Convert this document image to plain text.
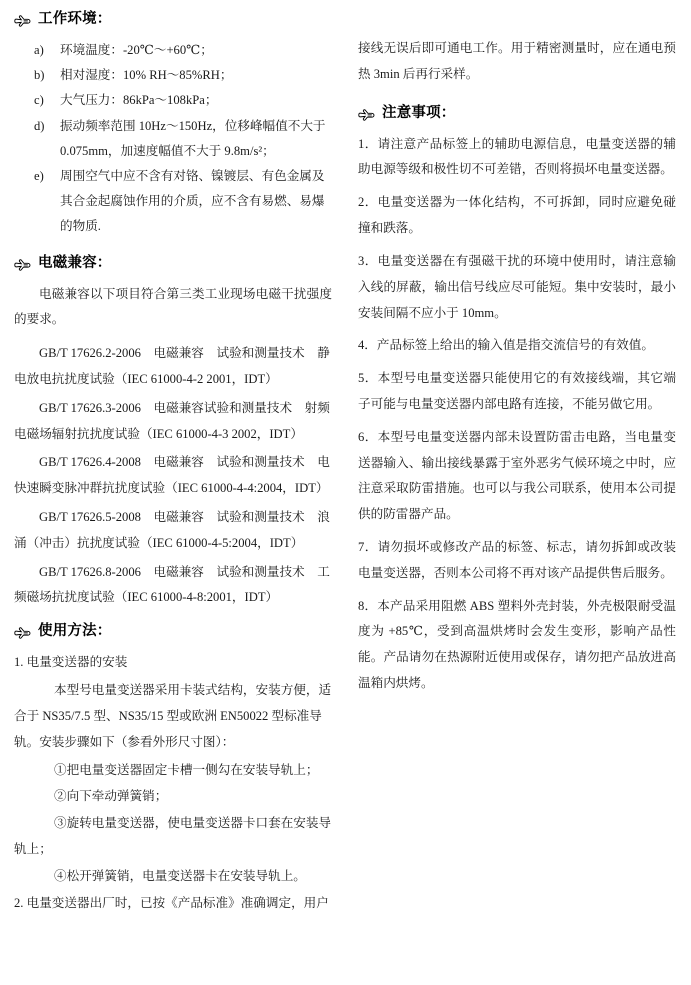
工作环境：
a)	环境温度：-20℃～+60℃；
b)	相对湿度：10% RH～85%RH；
c)	大气压力：86kPa～108kPa；
d)	振动频率范围 10Hz～150Hz，位移峰幅值不大于 0.075mm，加速度幅值不大于 9.8m/s²；
e)	周围空气中应不含有对铬、镍镀层、有色金属及其合金起腐蚀作用的介质，应不含有易燃、易爆的物质.
电磁兼容：

电磁兼容以下项目符合第三类工业现场电磁干扰强度的要求。

GB/T 17626.2-2006　电磁兼容　试验和测量技术　静电放电抗扰度试验（IEC 61000-4-2 2001，IDT）

GB/T 17626.3-2006　电磁兼容试验和测量技术　射频电磁场辐射抗扰度试验（IEC 61000-4-3 2002，IDT）

GB/T 17626.4-2008　电磁兼容　试验和测量技术　电快速瞬变脉冲群抗扰度试验（IEC 61000-4-4:2004，IDT）

GB/T 17626.5-2008　电磁兼容　试验和测量技术　浪涌（冲击）抗扰度试验（IEC 61000-4-5:2004，IDT）

GB/T 17626.8-2006　电磁兼容　试验和测量技术　工频磁场抗扰度试验（IEC 61000-4-8:2001，IDT）

使用方法：

1. 电量变送器的安装

本型号电量变送器采用卡装式结构，安装方便，适合于 NS35/7.5 型、NS35/15 型或欧洲 EN50022 型标准导轨。安装步骤如下（参看外形尺寸图）：

①把电量变送器固定卡槽一侧勾在安装导轨上；

②向下牵动弹簧销；

③旋转电量变送器，使电量变送器卡口套在安装导轨上；

④松开弹簧销，电量变送器卡在安装导轨上。

2. 电量变送器出厂时，已按《产品标准》准确调定，用户

接线无误后即可通电工作。用于精密测量时，应在通电预热 3min 后再行采样。

注意事项：

1．请注意产品标签上的辅助电源信息，电量变送器的辅助电源等级和极性切不可差错，否则将损坏电量变送器。

2．电量变送器为一体化结构，不可拆卸，同时应避免碰撞和跌落。

3．电量变送器在有强磁干扰的环境中使用时，请注意输入线的屏蔽，输出信号线应尽可能短。集中安装时，最小安装间隔不应小于 10mm。

4．产品标签上给出的输入值是指交流信号的有效值。

5．本型号电量变送器只能使用它的有效接线端，其它端子可能与电量变送器内部电路有连接，不能另做它用。

6．本型号电量变送器内部未设置防雷击电路，当电量变送器输入、输出接线暴露于室外恶劣气候环境之中时，应注意采取防雷措施。也可以与我公司联系，使用本公司提供的防雷器产品。

7．请勿损坏或修改产品的标签、标志，请勿拆卸或改装电量变送器，否则本公司将不再对该产品提供售后服务。

8．本产品采用阻燃 ABS 塑料外壳封装，外壳极限耐受温度为 +85℃，受到高温烘烤时会发生变形，影响产品性能。产品请勿在热源附近使用或保存，请勿把产品放进高温箱内烘烤。
